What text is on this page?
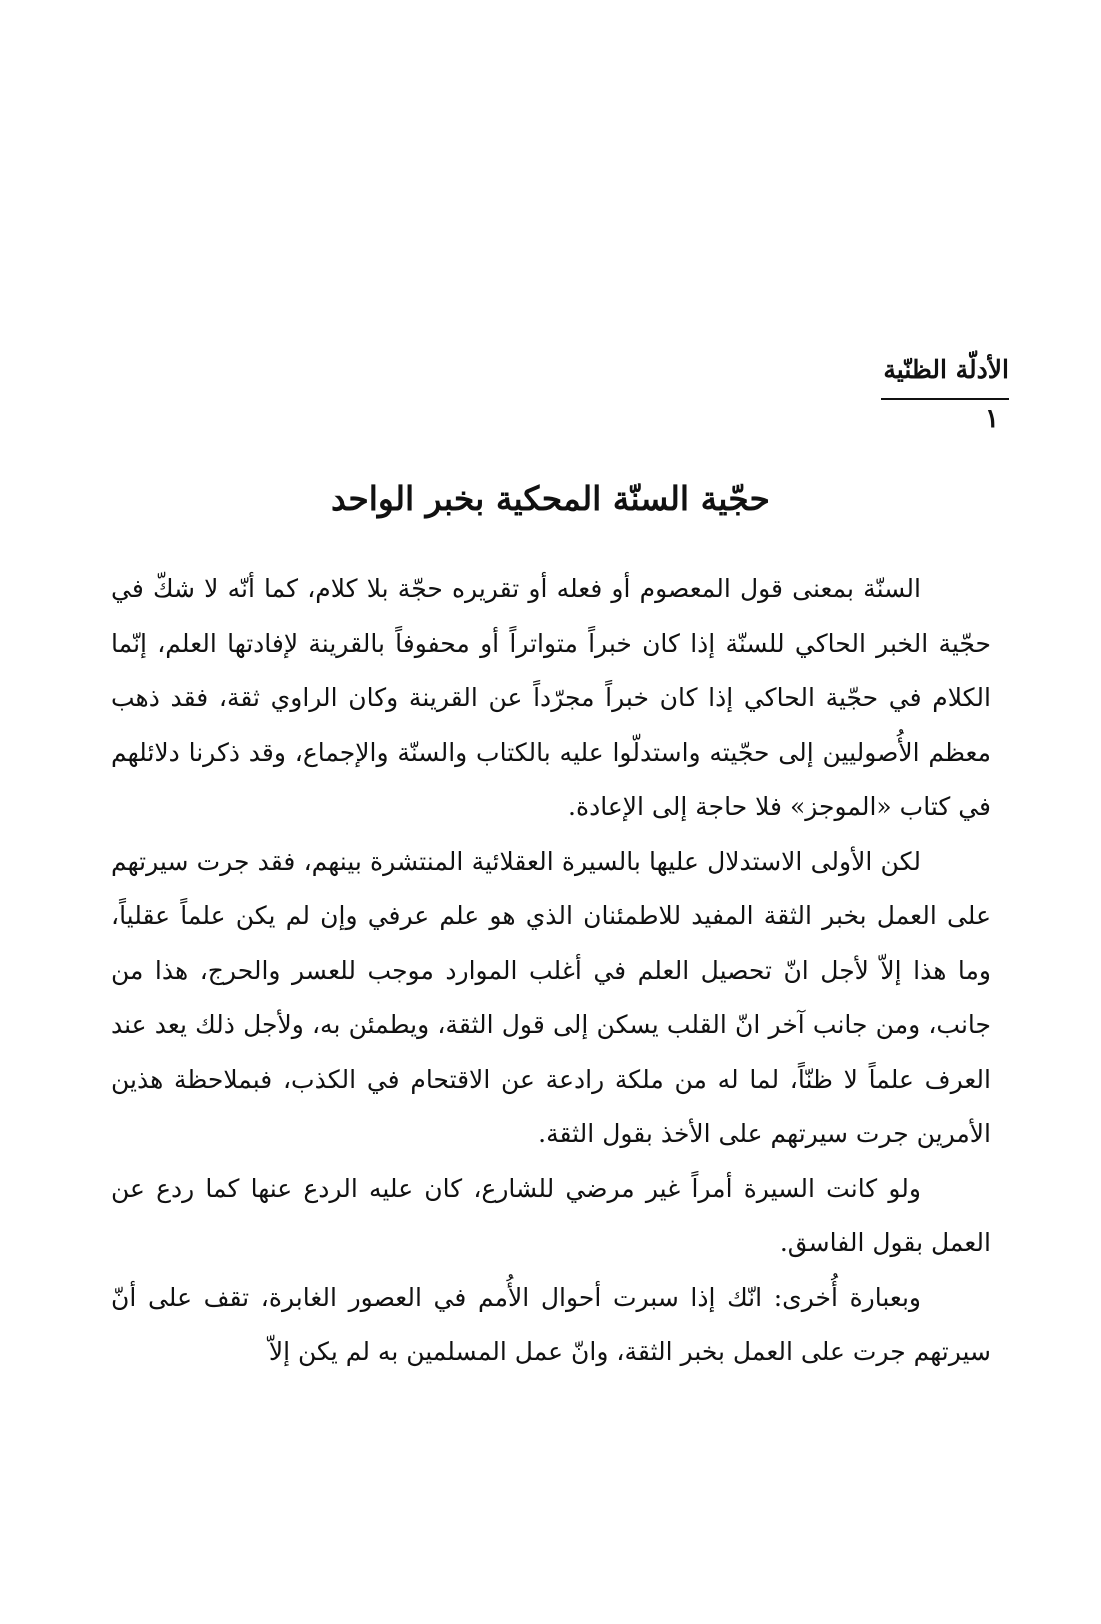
الأدلّة الظنّية
١
حجّية السنّة المحكية بخبر الواحد

السنّة بمعنى قول المعصوم أو فعله أو تقريره حجّة بلا كلام، كما أنّه لا شكّ في حجّية الخبر الحاكي للسنّة إذا كان خبراً متواتراً أو محفوفاً بالقرينة لإفادتها العلم، إنّما الكلام في حجّية الحاكي إذا كان خبراً مجرّداً عن القرينة وكان الراوي ثقة، فقد ذهب معظم الأُصوليين إلى حجّيته واستدلّوا عليه بالكتاب والسنّة والإجماع، وقد ذكرنا دلائلهم في كتاب «الموجز» فلا حاجة إلى الإعادة.

لكن الأولى الاستدلال عليها بالسيرة العقلائية المنتشرة بينهم، فقد جرت سيرتهم على العمل بخبر الثقة المفيد للاطمئنان الذي هو علم عرفي وإن لم يكن علماً عقلياً، وما هذا إلاّ لأجل انّ تحصيل العلم في أغلب الموارد موجب للعسر والحرج، هذا من جانب، ومن جانب آخر انّ القلب يسكن إلى قول الثقة، ويطمئن به، ولأجل ذلك يعد عند العرف علماً لا ظنّاً، لما له من ملكة رادعة عن الاقتحام في الكذب، فبملاحظة هذين الأمرين جرت سيرتهم على الأخذ بقول الثقة.

ولو كانت السيرة أمراً غير مرضي للشارع، كان عليه الردع عنها كما ردع عن العمل بقول الفاسق.

وبعبارة أُخرى: انّك إذا سبرت أحوال الأُمم في العصور الغابرة، تقف على أنّ سيرتهم جرت على العمل بخبر الثقة، وانّ عمل المسلمين به لم يكن إلاّ
